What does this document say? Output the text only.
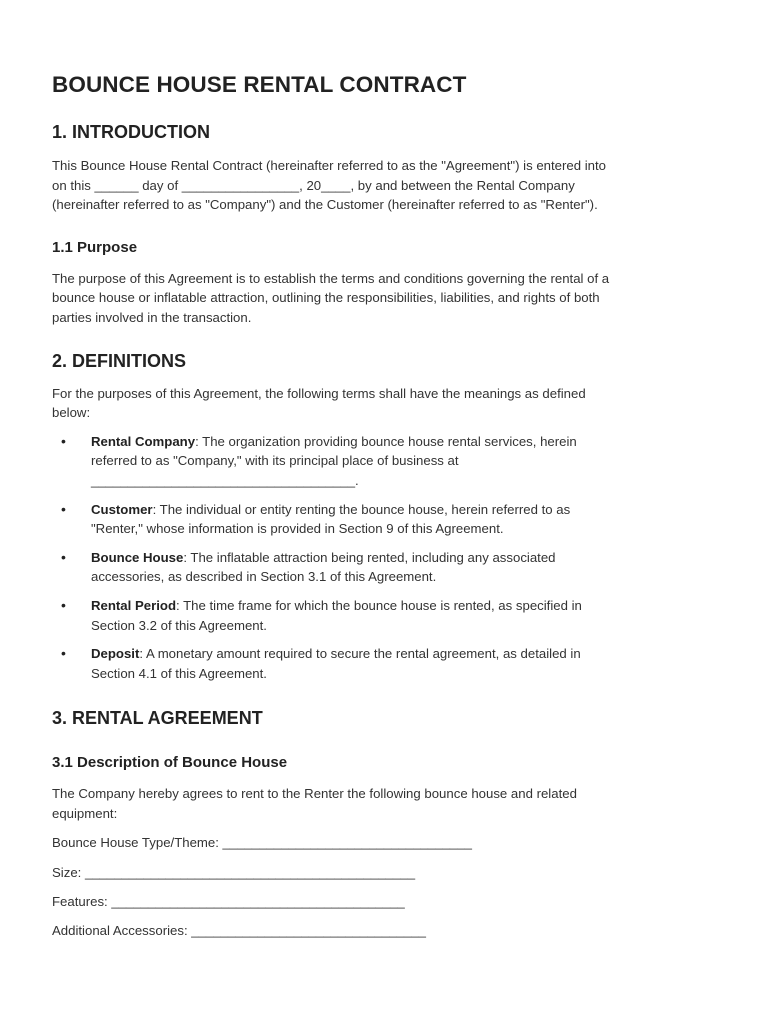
BOUNCE HOUSE RENTAL CONTRACT
1. INTRODUCTION

This Bounce House Rental Contract (hereinafter referred to as the "Agreement") is entered into

on this ______ day of ________________, 20____, by and between the Rental Company

(hereinafter referred to as "Company") and the Customer (hereinafter referred to as "Renter").

1.1 Purpose

The purpose of this Agreement is to establish the terms and conditions governing the rental of a

bounce house or inflatable attraction, outlining the responsibilities, liabilities, and rights of both

parties involved in the transaction.

2. DEFINITIONS

For the purposes of this Agreement, the following terms shall have the meanings as defined

below:

• Rental Company: The organization providing bounce house rental services, herein
referred to as "Company," with its principal place of business at
____________________________________.
• Customer: The individual or entity renting the bounce house, herein referred to as
"Renter," whose information is provided in Section 9 of this Agreement.
• Bounce House: The inflatable attraction being rented, including any associated
accessories, as described in Section 3.1 of this Agreement.
• Rental Period: The time frame for which the bounce house is rented, as specified in
Section 3.2 of this Agreement.
• Deposit: A monetary amount required to secure the rental agreement, as detailed in
Section 4.1 of this Agreement.
3. RENTAL AGREEMENT
3.1 Description of Bounce House

The Company hereby agrees to rent to the Renter the following bounce house and related

equipment:

Bounce House Type/Theme: __________________________________
Size: _____________________________________________
Features: ________________________________________
Additional Accessories: ________________________________
